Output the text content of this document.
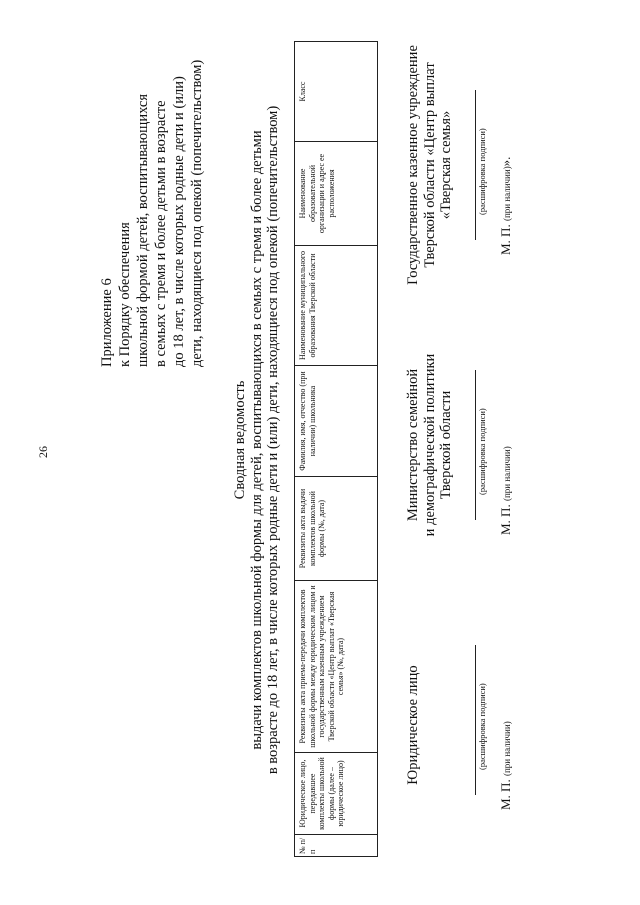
26
Приложение 6 к Порядку обеспечения школьной формой детей, воспитывающихся в семьях с тремя и более детьми в возрасте до 18 лет, в числе которых родные дети и (или) дети, находящиеся под опекой (попечительством)
Сводная ведомость выдачи комплектов школьной формы для детей, воспитывающихся в семьях с тремя и более детьми в возрасте до 18 лет, в числе которых родные дети и (или) дети, находящиеся под опекой (попечительством)
№ п/п	Юридическое лицо, передавшее комплекты школьной формы (далее – юридическое лицо)	Реквизиты акта приема-передачи комплектов школьной формы между юридическим лицом и государственным казенным учреждением Тверской области «Центр выплат «Тверская семья» (№, дата)	Реквизиты акта выдачи комплектов школьной формы (№, дата)	Фамилия, имя, отчество (при наличии) школьника	Наименование муниципального образования Тверской области	Наименование образовательной организации и адрес ее расположения	Класс
Юридическое лицо	(расшифровка подписи)
М. П. (при наличии)
Министерство семейной и демографической политики Тверской области	(расшифровка подписи)
М. П. (при наличии)
Государственное казенное учреждение Тверской области «Центр выплат «Тверская семья»	(расшифровка подписи)
М. П. (при наличии)».
